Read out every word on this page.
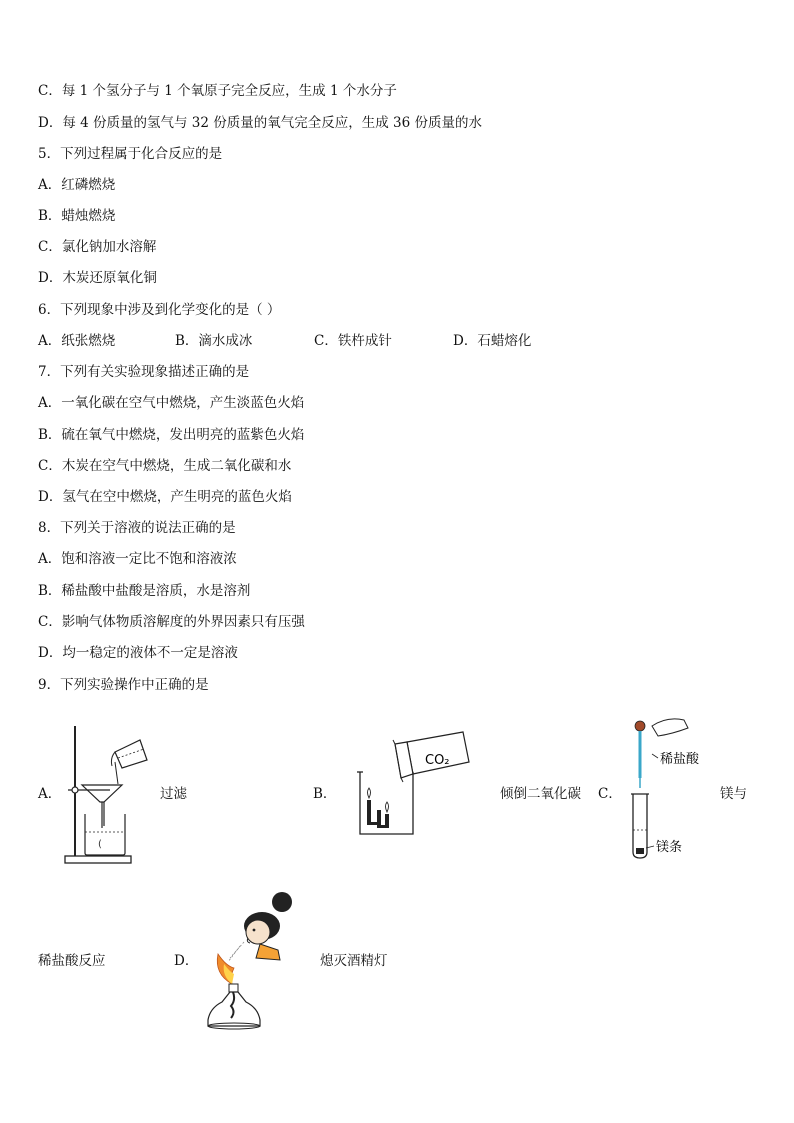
C．每 1 个氢分子与 1 个氧原子完全反应，生成 1 个水分子
D．每 4 份质量的氢气与 32 份质量的氧气完全反应，生成 36 份质量的水
5．下列过程属于化合反应的是
A．红磷燃烧
B．蜡烛燃烧
C．氯化钠加水溶解
D．木炭还原氧化铜
6．下列现象中涉及到化学变化的是（ ）
A．纸张燃烧	B．滴水成冰	C．铁杵成针	D．石蜡熔化
7．下列有关实验现象描述正确的是
A．一氧化碳在空气中燃烧，产生淡蓝色火焰
B．硫在氧气中燃烧，发出明亮的蓝紫色火焰
C．木炭在空气中燃烧，生成二氧化碳和水
D．氢气在空中燃烧，产生明亮的蓝色火焰
8．下列关于溶液的说法正确的是
A．饱和溶液一定比不饱和溶液浓
B．稀盐酸中盐酸是溶质，水是溶剂
C．影响气体物质溶解度的外界因素只有压强
D．均一稳定的液体不一定是溶液
9．下列实验操作中正确的是
A．	过滤	B．	倾倒二氧化碳 C．	镁与
稀盐酸反应	D．	熄灭酒精灯
(
CO₂	稀盐酸
镁条
